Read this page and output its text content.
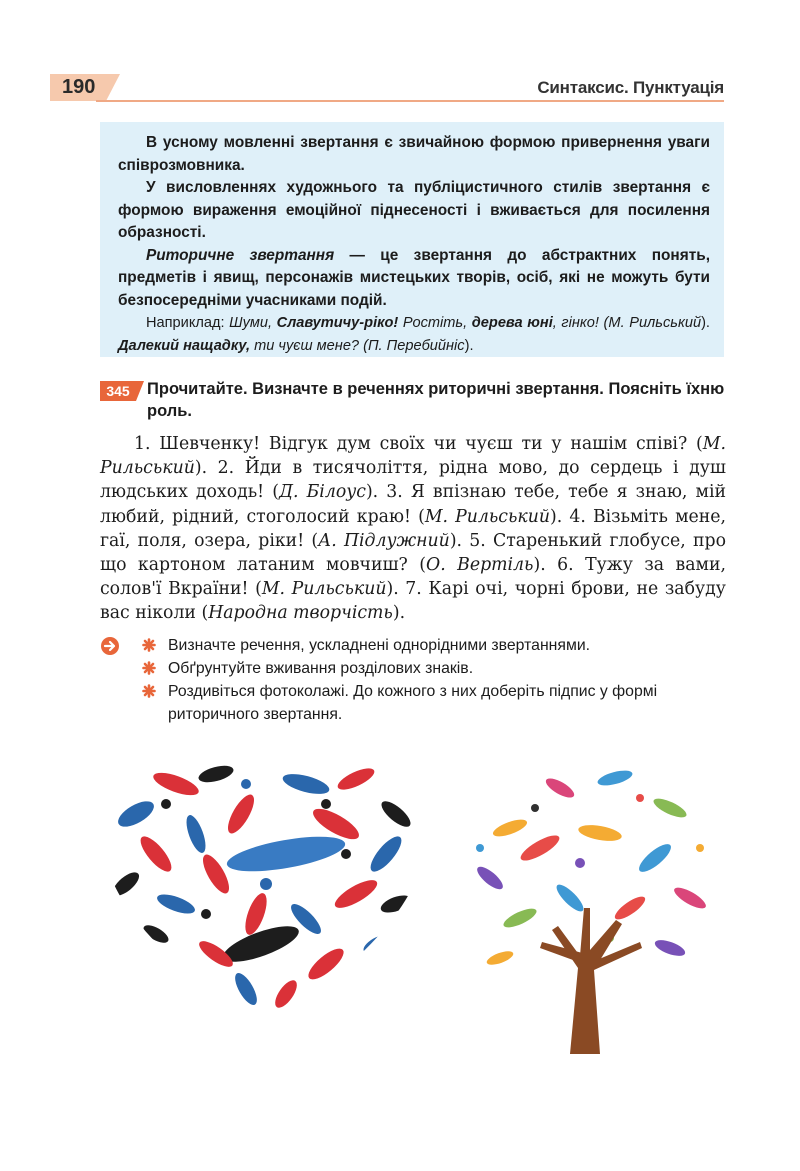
190	Синтаксис. Пунктуація

В усному мовленні звертання є звичайною формою привернення уваги співрозмовника.

У висловленнях художнього та публіцистичного стилів звертання є формою вираження емоційної піднесеності і вживається для посилення образності.

Риторичне звертання — це звертання до абстрактних понять, предметів і явищ, персонажів мистецьких творів, осіб, які не можуть бути безпосередніми учасниками подій.

Наприклад: Шуми, Славутичу-ріко! Ростіть, дерева юні, гінко! (М. Рильський). Далекий нащадку, ти чуєш мене? (П. Перебийніс).

345	Прочитайте. Визначте в реченнях риторичні звертання. Поясніть їхню роль.
1. Шевченку! Відгук дум своїх чи чуєш ти у нашім співі? (М. Рильський). 2. Йди в тисячоліття, рідна мово, до сердець і душ людських доходь! (Д. Білоус). 3. Я впізнаю тебе, тебе я знаю, мій любий, рідний, стоголосий краю! (М. Рильський). 4. Візьміть мене, гаї, поля, озера, ріки! (А. Підлужний). 5. Старенький глобусе, про що картоном латаним мовчиш? (О. Вертіль). 6. Тужу за вами, солов'ї Вкраїни! (М. Рильський). 7. Карі очі, чорні брови, не забуду вас ніколи (Народна творчість).
Визначте речення, ускладнені однорідними звертаннями.
Обґрунтуйте вживання розділових знаків.
Роздивіться фотоколажі. До кожного з них доберіть підпис у формі риторичного звертання.
